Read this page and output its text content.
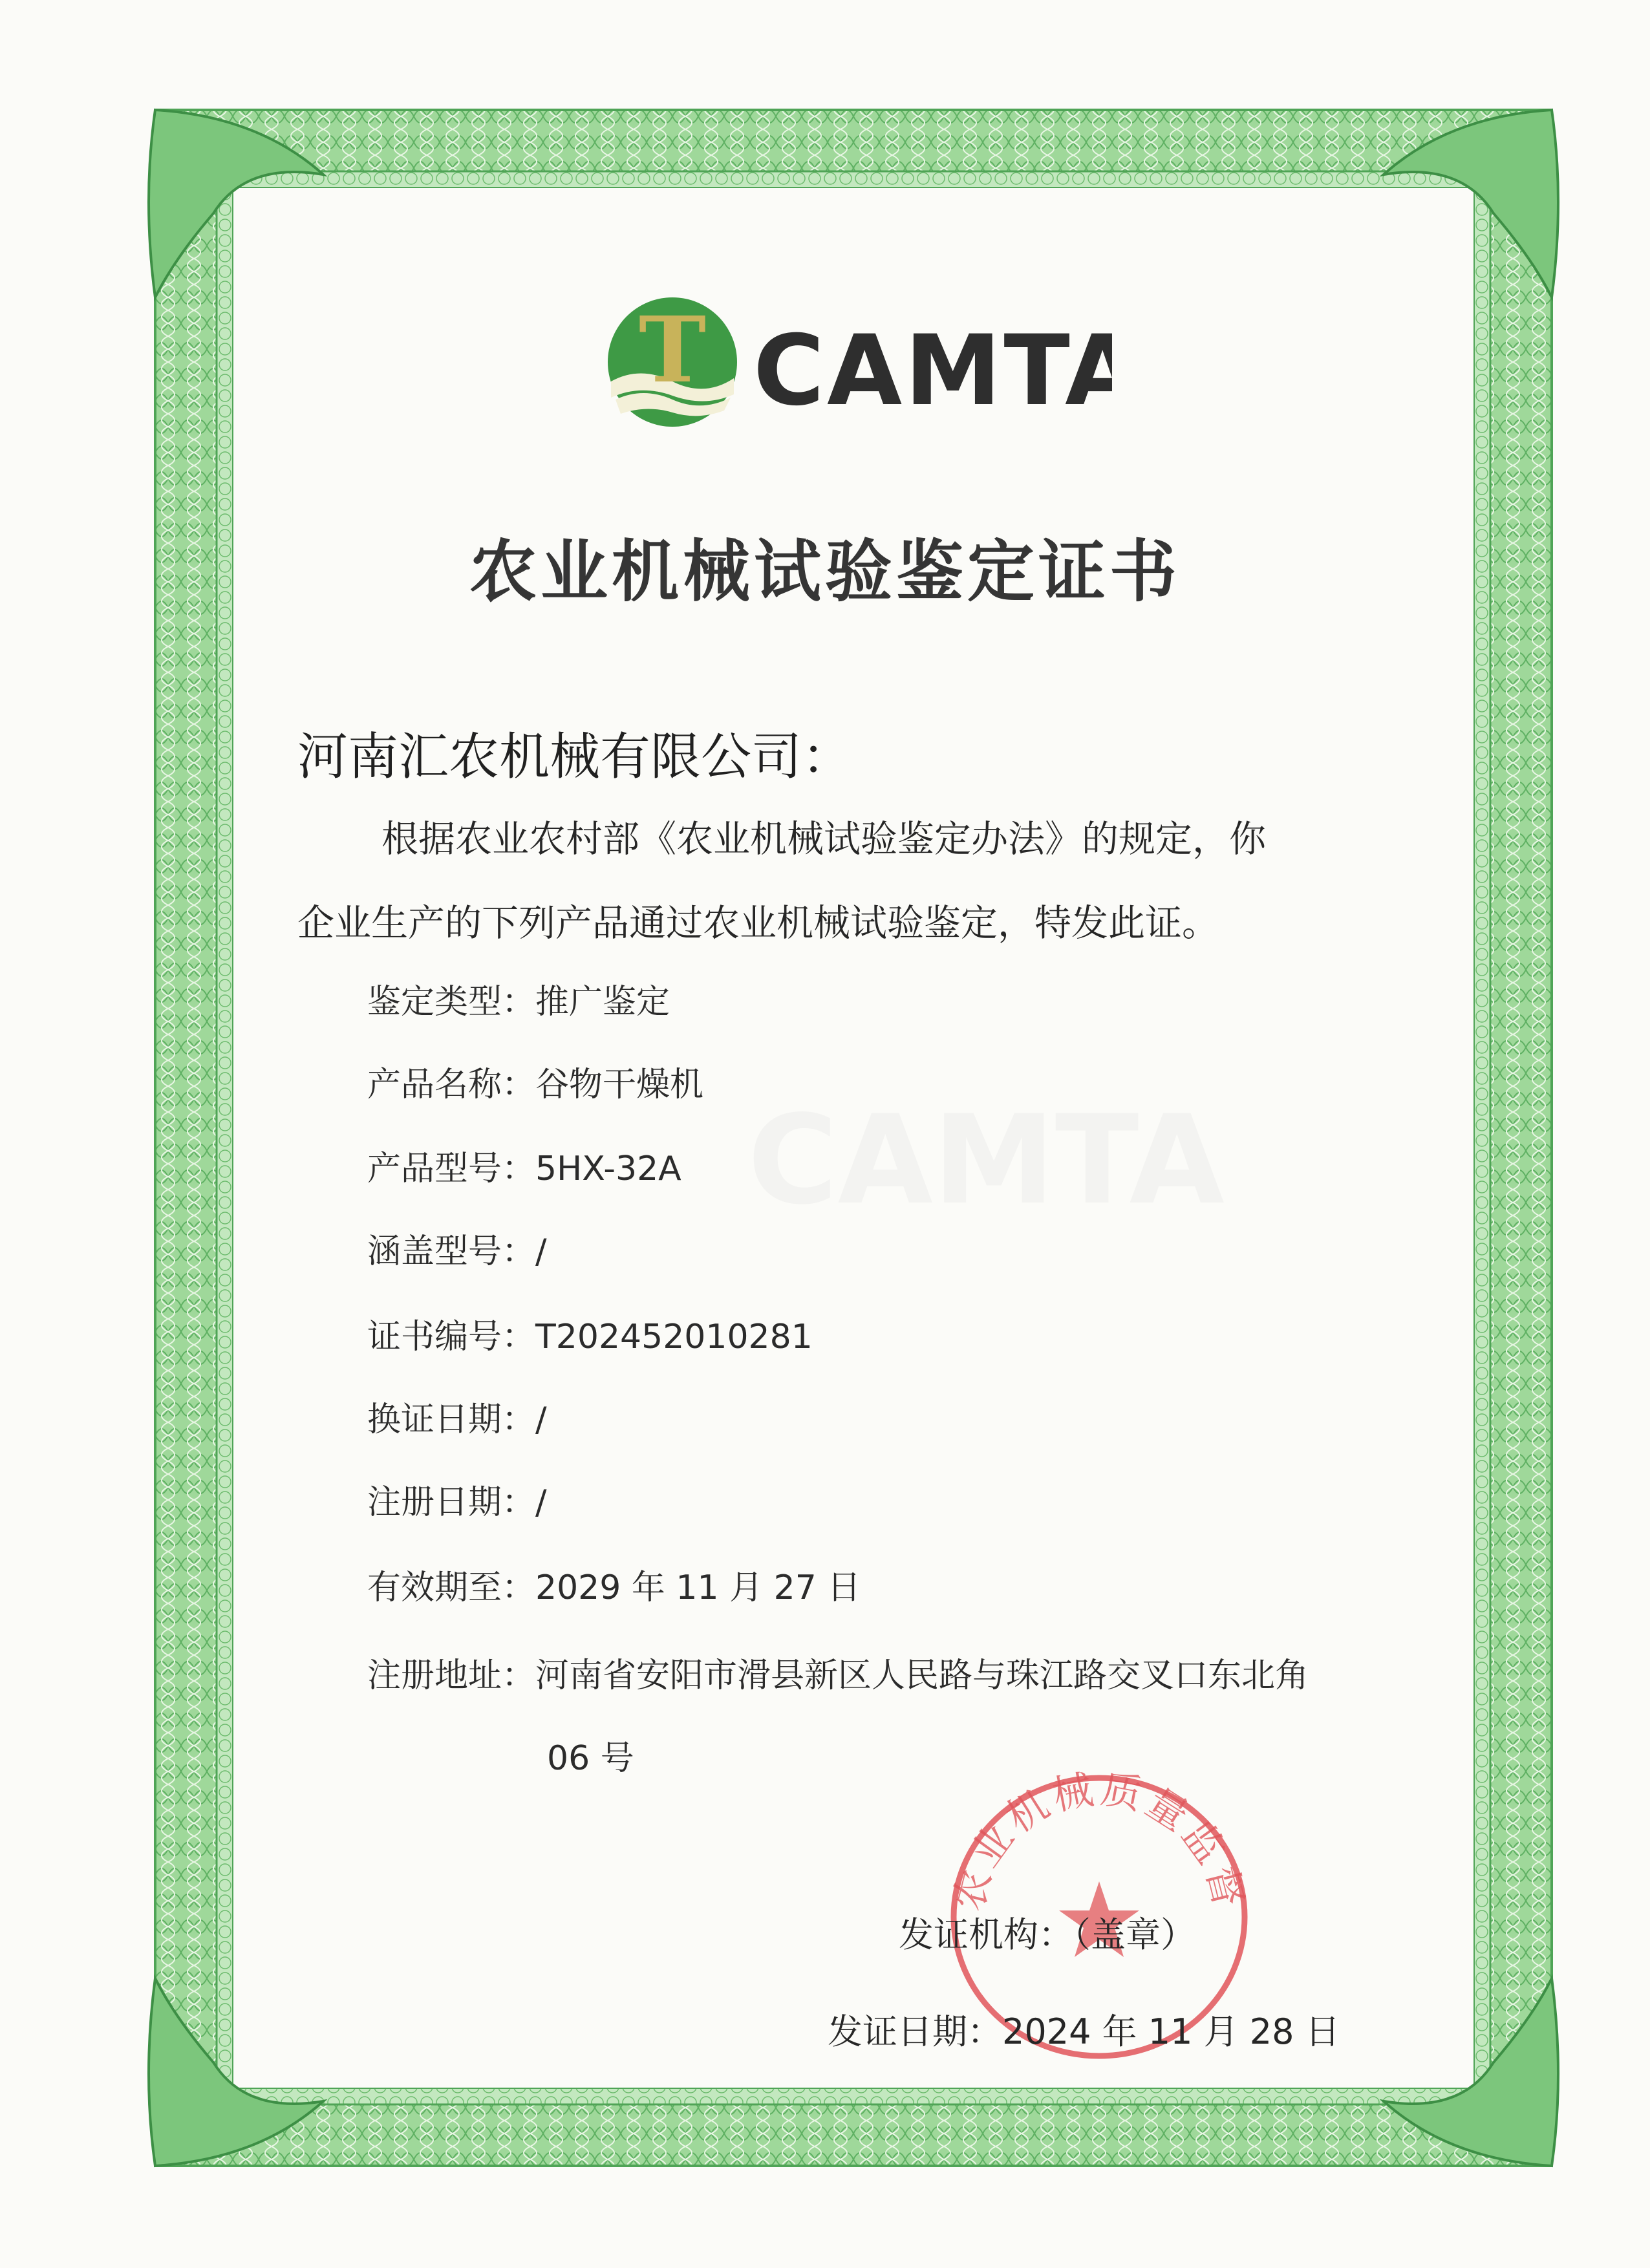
CAMTA
T CAMTA
农业机械试验鉴定证书
河南汇农机械有限公司：
根据农业农村部《农业机械试验鉴定办法》的规定，你
企业生产的下列产品通过农业机械试验鉴定，特发此证。
鉴定类型：推广鉴定
产品名称：谷物干燥机
产品型号：5HX-32A
涵盖型号：/
证书编号：T202452010281
换证日期：/
注册日期：/
有效期至：2029 年 11 月 27 日
注册地址：河南省安阳市滑县新区人民路与珠江路交叉口东北角
06 号
农业机械质量监督
发证机构：（盖章）
发证日期：2024 年 11 月 28 日
